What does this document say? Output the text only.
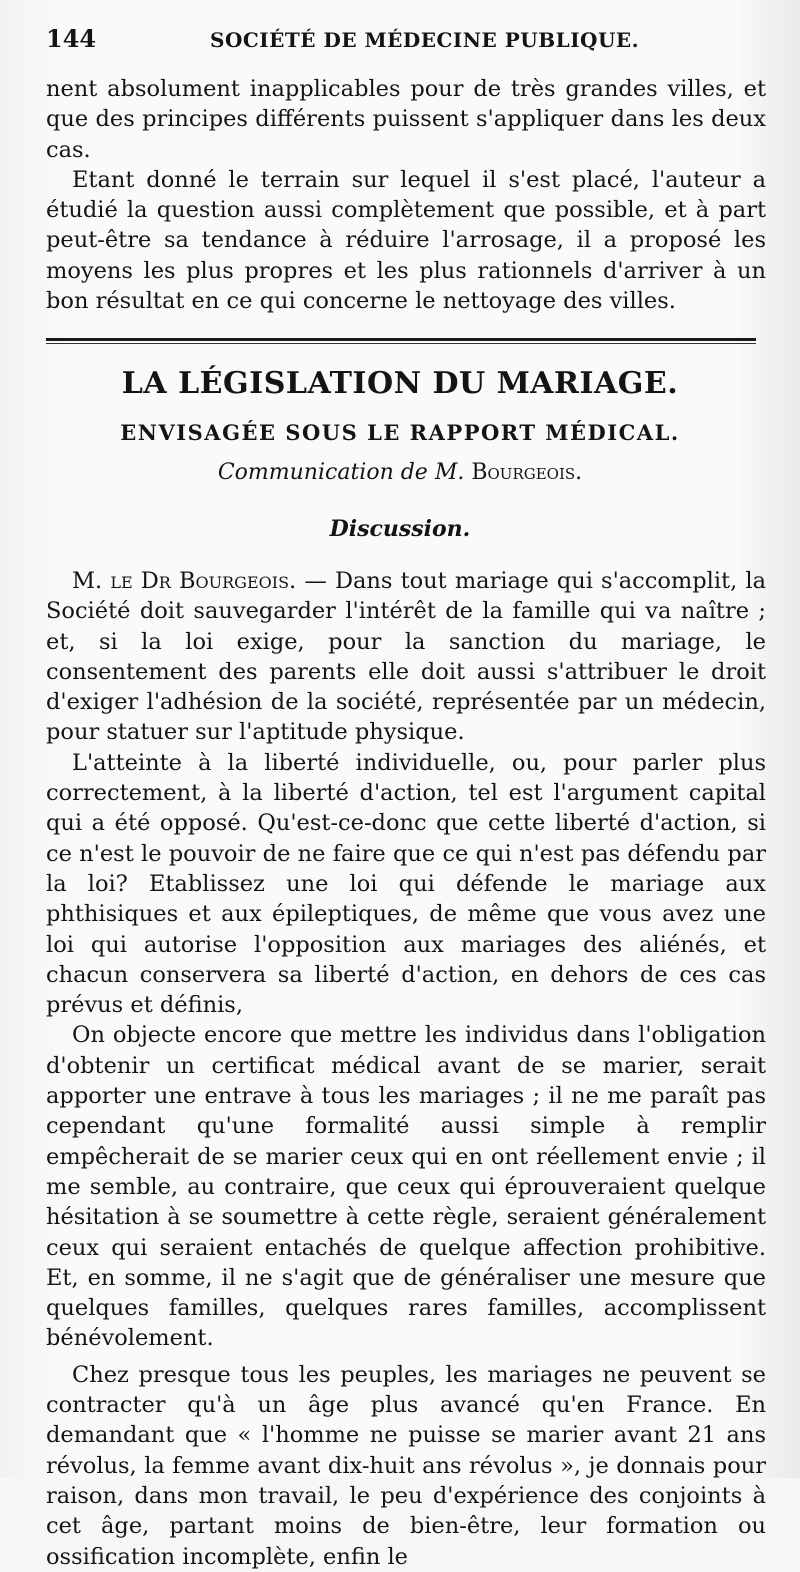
144	SOCIÉTÉ DE MÉDECINE PUBLIQUE.

nent absolument inapplicables pour de très grandes villes, et que des principes différents puissent s'appliquer dans les deux cas.

Etant donné le terrain sur lequel il s'est placé, l'auteur a étudié la question aussi complètement que possible, et à part peut-être sa tendance à réduire l'arrosage, il a proposé les moyens les plus propres et les plus rationnels d'arriver à un bon résultat en ce qui concerne le nettoyage des villes.

LA LÉGISLATION DU MARIAGE.
ENVISAGÉE SOUS LE RAPPORT MÉDICAL.
Communication de M. Bourgeois.
Discussion.

M. le Dr Bourgeois. — Dans tout mariage qui s'accomplit, la Société doit sauvegarder l'intérêt de la famille qui va naître ; et, si la loi exige, pour la sanction du mariage, le consentement des parents elle doit aussi s'attribuer le droit d'exiger l'adhésion de la société, représentée par un médecin, pour statuer sur l'aptitude physique.

L'atteinte à la liberté individuelle, ou, pour parler plus correctement, à la liberté d'action, tel est l'argument capital qui a été opposé. Qu'est-ce-donc que cette liberté d'action, si ce n'est le pouvoir de ne faire que ce qui n'est pas défendu par la loi? Etablissez une loi qui défende le mariage aux phthisiques et aux épileptiques, de même que vous avez une loi qui autorise l'opposition aux mariages des aliénés, et chacun conservera sa liberté d'action, en dehors de ces cas prévus et définis,

On objecte encore que mettre les individus dans l'obligation d'obtenir un certificat médical avant de se marier, serait apporter une entrave à tous les mariages ; il ne me paraît pas cependant qu'une formalité aussi simple à remplir empêcherait de se marier ceux qui en ont réellement envie ; il me semble, au contraire, que ceux qui éprouveraient quelque hésitation à se soumettre à cette règle, seraient généralement ceux qui seraient entachés de quelque affection prohibitive. Et, en somme, il ne s'agit que de généraliser une mesure que quelques familles, quelques rares familles, accomplissent bénévolement.

Chez presque tous les peuples, les mariages ne peuvent se contracter qu'à un âge plus avancé qu'en France. En demandant que « l'homme ne puisse se marier avant 21 ans révolus, la femme avant dix-huit ans révolus », je donnais pour raison, dans mon travail, le peu d'expérience des conjoints à cet âge, partant moins de bien-être, leur formation ou ossification incomplète, enfin le
